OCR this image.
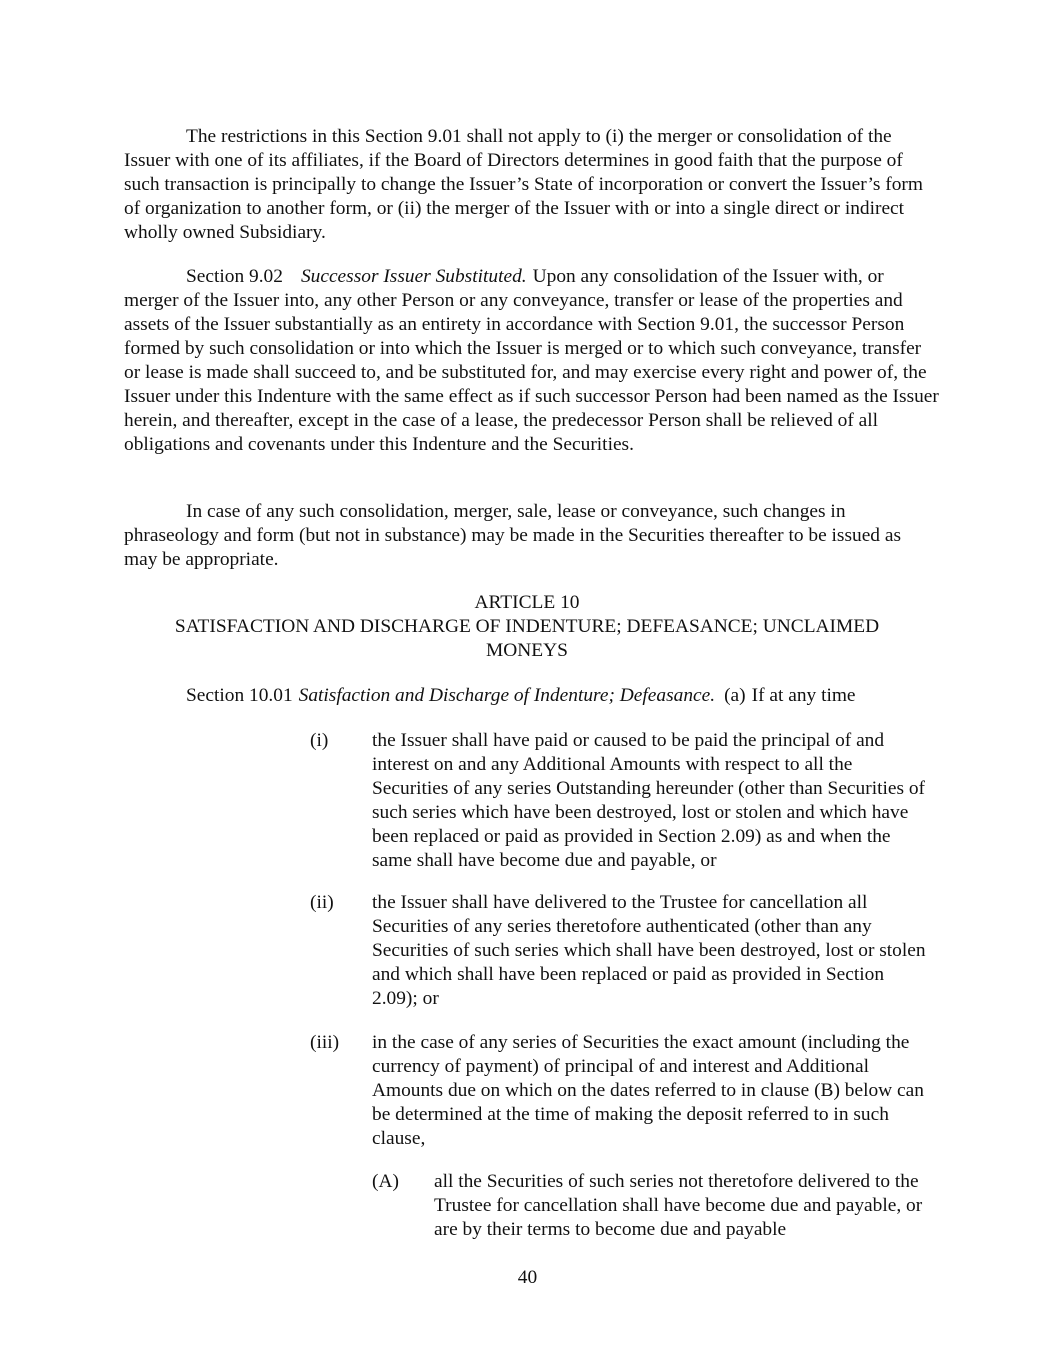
The restrictions in this Section 9.01 shall not apply to (i) the merger or consolidation of the Issuer with one of its affiliates, if the Board of Directors determines in good faith that the purpose of such transaction is principally to change the Issuer’s State of incorporation or convert the Issuer’s form of organization to another form, or (ii) the merger of the Issuer with or into a single direct or indirect wholly owned Subsidiary.

Section 9.02 Successor Issuer Substituted. Upon any consolidation of the Issuer with, or merger of the Issuer into, any other Person or any conveyance, transfer or lease of the properties and assets of the Issuer substantially as an entirety in accordance with Section 9.01, the successor Person formed by such consolidation or into which the Issuer is merged or to which such conveyance, transfer or lease is made shall succeed to, and be substituted for, and may exercise every right and power of, the Issuer under this Indenture with the same effect as if such successor Person had been named as the Issuer herein, and thereafter, except in the case of a lease, the predecessor Person shall be relieved of all obligations and covenants under this Indenture and the Securities.

In case of any such consolidation, merger, sale, lease or conveyance, such changes in phraseology and form (but not in substance) may be made in the Securities thereafter to be issued as may be appropriate.

ARTICLE 10
SATISFACTION AND DISCHARGE OF INDENTURE; DEFEASANCE; UNCLAIMED
MONEYS

Section 10.01 Satisfaction and Discharge of Indenture; Defeasance. (a) If at any time

(i) the Issuer shall have paid or caused to be paid the principal of and interest on and any Additional Amounts with respect to all the Securities of any series Outstanding hereunder (other than Securities of such series which have been destroyed, lost or stolen and which have been replaced or paid as provided in Section 2.09) as and when the same shall have become due and payable, or
(ii) the Issuer shall have delivered to the Trustee for cancellation all Securities of any series theretofore authenticated (other than any Securities of such series which shall have been destroyed, lost or stolen and which shall have been replaced or paid as provided in Section 2.09); or
(iii) in the case of any series of Securities the exact amount (including the currency of payment) of principal of and interest and Additional Amounts due on which on the dates referred to in clause (B) below can be determined at the time of making the deposit referred to in such clause,
(A) all the Securities of such series not theretofore delivered to the Trustee for cancellation shall have become due and payable, or are by their terms to become due and payable
40
